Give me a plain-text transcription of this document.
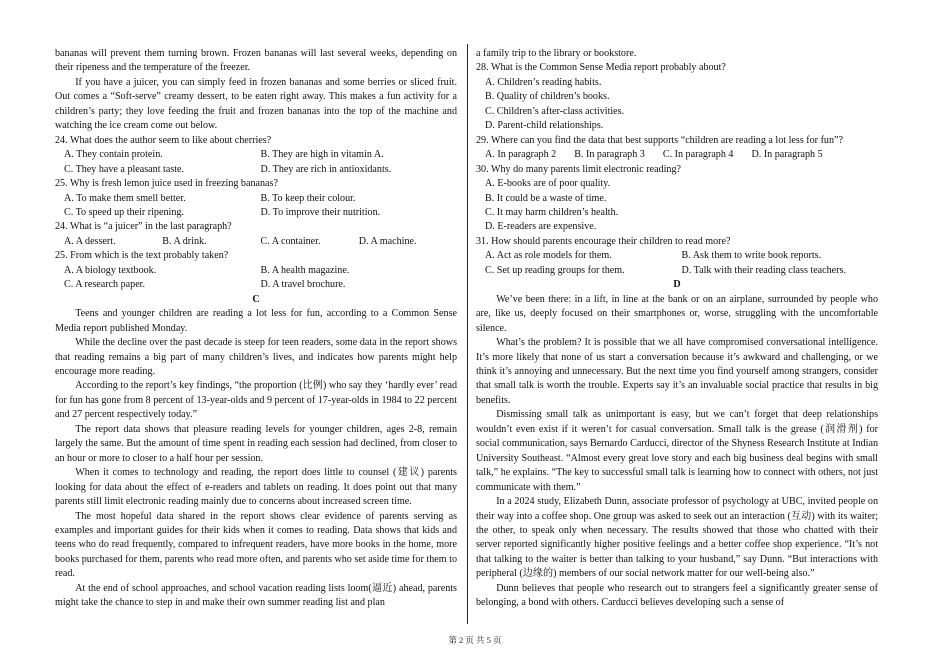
bananas will prevent them turning brown. Frozen bananas will last several weeks, depending on their ripeness and the temperature of the freezer.

If you have a juicer, you can simply feed in frozen bananas and some berries or sliced fruit. Out comes a “Soft-serve” creamy dessert, to be eaten right away. This makes a fun activity for a children’s party; they love feeding the fruit and frozen bananas into the top of the machine and watching the ice cream come out below.

24. What does the author seem to like about cherries?

A. They contain protein.	B. They are high in vitamin A.
C. They have a pleasant taste.	D. They are rich in antioxidants.

25. Why is fresh lemon juice used in freezing bananas?

A. To make them smell better.	B. To keep their colour.
C. To speed up their ripening.	D. To improve their nutrition.

24. What is “a juicer” in the last paragraph?

A. A dessert.	B. A drink.	C. A container.	D. A machine.

25. From which is the text probably taken?

A. A biology textbook.	B. A health magazine.
C. A research paper.	D. A travel brochure.

C

Teens and younger children are reading a lot less for fun, according to a Common Sense Media report published Monday.

While the decline over the past decade is steep for teen readers, some data in the report shows that reading remains a big part of many children’s lives, and indicates how parents might help encourage more reading.

According to the report’s key findings, “the proportion (比例) who say they ‘hardly ever’ read for fun has gone from 8 percent of 13-year-olds and 9 percent of 17-year-olds in 1984 to 22 percent and 27 percent respectively today.”

The report data shows that pleasure reading levels for younger children, ages 2-8, remain largely the same. But the amount of time spent in reading each session had declined, from closer to an hour or more to closer to a half hour per session.

When it comes to technology and reading, the report does little to counsel (建议) parents looking for data about the effect of e-readers and tablets on reading. It does point out that many parents still limit electronic reading mainly due to concerns about increased screen time.

The most hopeful data shared in the report shows clear evidence of parents serving as examples and important guides for their kids when it comes to reading. Data shows that kids and teens who do read frequently, compared to infrequent readers, have more books in the home, more books purchased for them, parents who read more often, and parents who set aside time for them to read.

At the end of school approaches, and school vacation reading lists loom(逼近) ahead, parents might take the chance to step in and make their own summer reading list and plan

a family trip to the library or bookstore.

28. What is the Common Sense Media report probably about?

A. Children’s reading habits.
B. Quality of children’s books.
C. Children’s after-class activities.
D. Parent-child relationships.

29. Where can you find the data that best supports “children are reading a lot less for fun”?

A. In paragraph 2 B. In paragraph 3 C. In paragraph 4 D. In paragraph 5

30. Why do many parents limit electronic reading?

A. E-books are of poor quality.
B. It could be a waste of time.
C. It may harm children’s health.
D. E-readers are expensive.

31. How should parents encourage their children to read more?

A. Act as role models for them.	B. Ask them to write book reports.
C. Set up reading groups for them.	D. Talk with their reading class teachers.

D

We’ve been there: in a lift, in line at the bank or on an airplane, surrounded by people who are, like us, deeply focused on their smartphones or, worse, struggling with the uncomfortable silence.

What’s the problem? It is possible that we all have compromised conversational intelligence. It’s more likely that none of us start a conversation because it’s awkward and challenging, or we think it’s annoying and unnecessary. But the next time you find yourself among strangers, consider that small talk is worth the trouble. Experts say it’s an invaluable social practice that results in big benefits.

Dismissing small talk as unimportant is easy, but we can’t forget that deep relationships wouldn’t even exist if it weren’t for casual conversation. Small talk is the grease (润滑剂) for social communication, says Bernardo Carducci, director of the Shyness Research Institute at Indian University Southeast. “Almost every great love story and each big business deal begins with small talk,” he explains. “The key to successful small talk is learning how to connect with others, not just communicate with them.”

In a 2024 study, Elizabeth Dunn, associate professor of psychology at UBC, invited people on their way into a coffee shop. One group was asked to seek out an interaction (互动) with its waiter; the other, to speak only when necessary. The results showed that those who chatted with their server reported significantly higher positive feelings and a better coffee shop experience. “It’s not that talking to the waiter is better than talking to your husband,” say Dunn. “But interactions with peripheral (边缘的) members of our social network matter for our well-being also.”

Dunn believes that people who research out to strangers feel a significantly greater sense of belonging, a bond with others. Carducci believes developing such a sense of

第 2 页 共 5 页
